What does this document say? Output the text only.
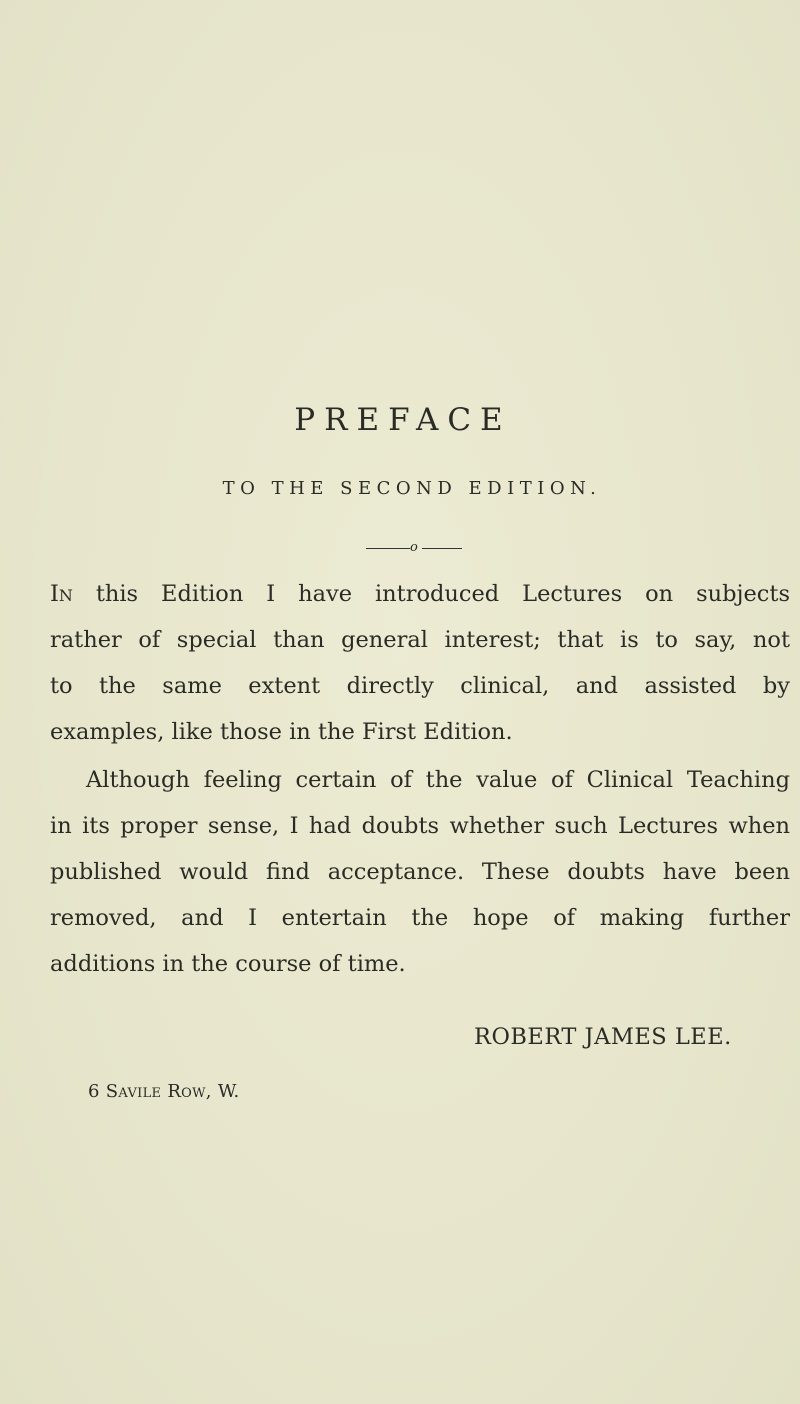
PREFACE
TO THE SECOND EDITION.
o
In this Edition I have introduced Lectures on subjects
rather of special than general interest; that is to say, not
to the same extent directly clinical, and assisted by
examples, like those in the First Edition.
Although feeling certain of the value of Clinical Teaching
in its proper sense, I had doubts whether such Lectures when
published would find acceptance. These doubts have been
removed, and I entertain the hope of making further
additions in the course of time.
ROBERT JAMES LEE.
6 Savile Row, W.
